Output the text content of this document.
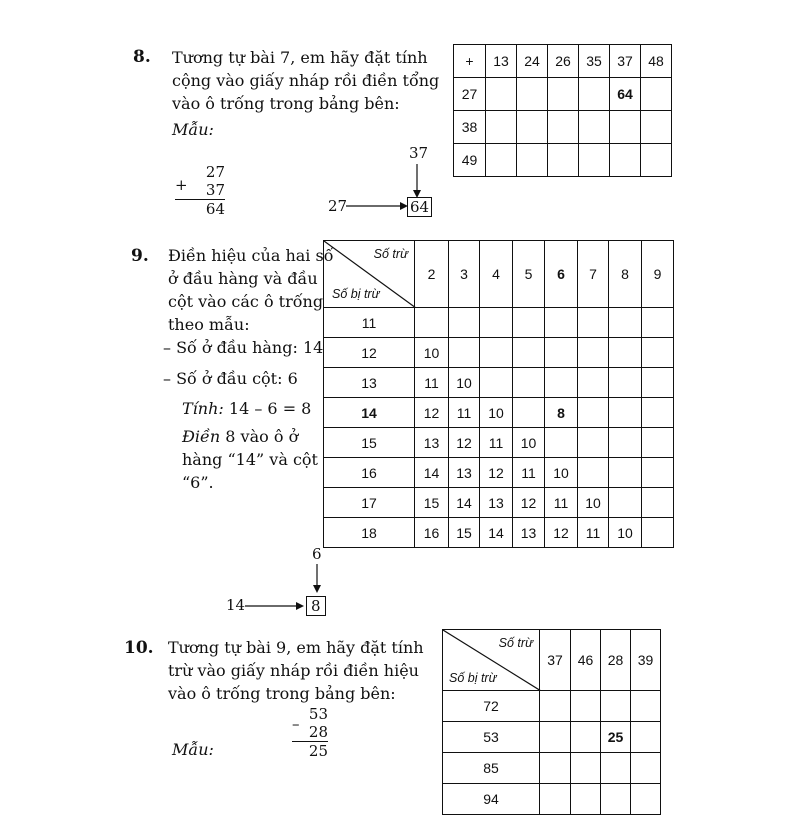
8. Tương tự bài 7, em hãy đặt tính
cộng vào giấy nháp rồi điền tổng
vào ô trống trong bảng bên:
Mẫu:
27
+	37
64
37
27	64
+	13	24	26	35	37	48
27					64	
38						
49						
9. Điền hiệu của hai số
ở đầu hàng và đầu
cột vào các ô trống
theo mẫu:
– Số ở đầu hàng: 14
– Số ở đầu cột: 6
Tính: 14 – 6 = 8
Điền 8 vào ô ở
hàng “14” và cột
“6”.
Số trừ
Số bị trừ	2	3	4	5	6	7	8	9
11								
12	10							
13	11	10						
14	12	11	10		8			
15	13	12	11	10				
16	14	13	12	11	10			
17	15	14	13	12	11	10		
18	16	15	14	13	12	11	10	
6
14	8
10. Tương tự bài 9, em hãy đặt tính
trừ vào giấy nháp rồi điền hiệu
vào ô trống trong bảng bên:
Mẫu:
53
– 28
25
Số trừ
Số bị trừ	37	46	28	39
72				
53			25	
85				
94				
